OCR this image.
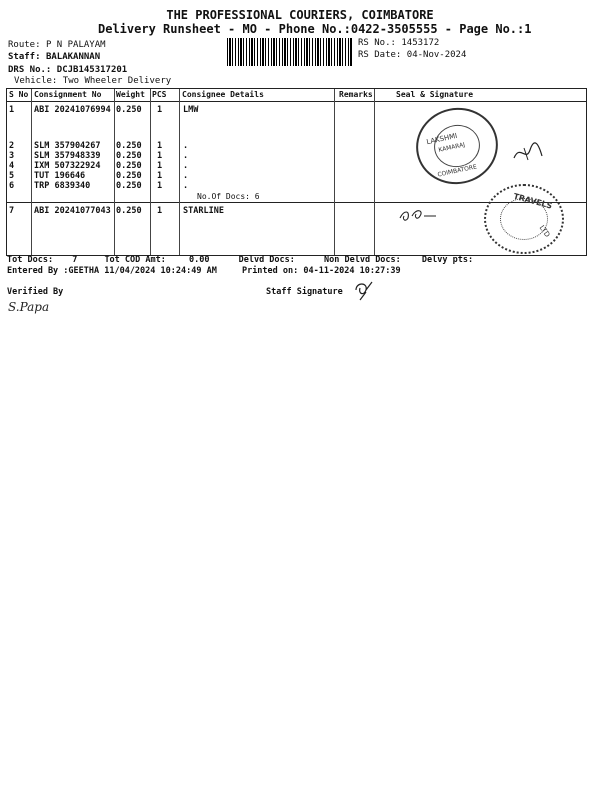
THE PROFESSIONAL COURIERS, COIMBATORE
Delivery Runsheet - MO - Phone No.:0422-3505555 - Page No.:1
Route: P N PALAYAM
Staff: BALAKANNAN
DRS No.: DCJB145317201
Vehicle: Two Wheeler Delivery
RS No.: 1453172
RS Date: 04-Nov-2024
S No Consignment No Weight PCS Consignee Details	Remarks	Seal & Signature
1 ABI 20241076994 0.250 1 LMW
2 SLM 357904267 0.250 1 .
3 SLM 357948339 0.250 1 .
4 IXM 507322924 0.250 1 .
5 TUT 196646	0.250 1 .
6 TRP 6839340	0.250 1 .
No.Of Docs: 6
7 ABI 20241077043 0.250 1 STARLINE
LAKSHMI
KAMARAJ
COIMBATORE
TRAVELS
LTD
Tot Docs: 7	Tot COD Amt:	0.00	Delvd Docs:	Non Delvd Docs: Delvy pts:
Entered By :GEETHA 11/04/2024 10:24:49 AM	Printed on: 04-11-2024 10:27:39
Verified By	Staff Signature
S.Papa
